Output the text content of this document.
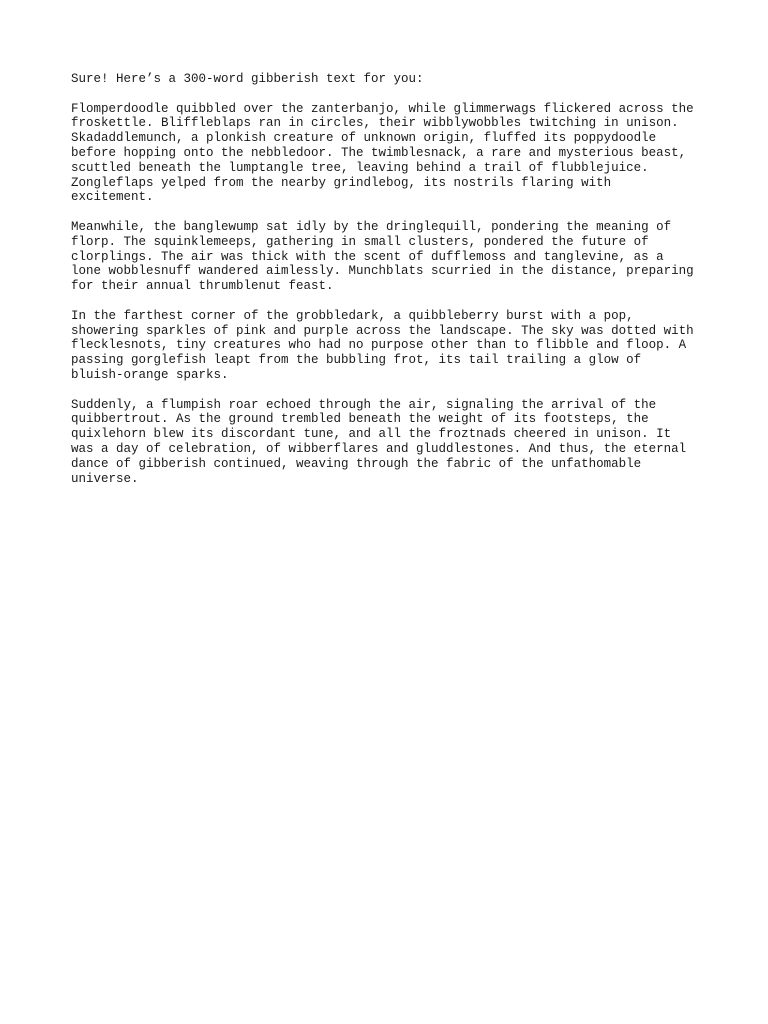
Sure! Here’s a 300-word gibberish text for you:

Flomperdoodle quibbled over the zanterbanjo, while glimmerwags flickered across the
froskettle. Bliffleblaps ran in circles, their wibblywobbles twitching in unison.
Skadaddlemunch, a plonkish creature of unknown origin, fluffed its poppydoodle
before hopping onto the nebbledoor. The twimblesnack, a rare and mysterious beast,
scuttled beneath the lumptangle tree, leaving behind a trail of flubblejuice.
Zongleflaps yelped from the nearby grindlebog, its nostrils flaring with
excitement.

Meanwhile, the banglewump sat idly by the dringlequill, pondering the meaning of
florp. The squinklemeeps, gathering in small clusters, pondered the future of
clorplings. The air was thick with the scent of dufflemoss and tanglevine, as a
lone wobblesnuff wandered aimlessly. Munchblats scurried in the distance, preparing
for their annual thrumblenut feast.

In the farthest corner of the grobbledark, a quibbleberry burst with a pop,
showering sparkles of pink and purple across the landscape. The sky was dotted with
flecklesnots, tiny creatures who had no purpose other than to flibble and floop. A
passing gorglefish leapt from the bubbling frot, its tail trailing a glow of
bluish-orange sparks.

Suddenly, a flumpish roar echoed through the air, signaling the arrival of the
quibbertrout. As the ground trembled beneath the weight of its footsteps, the
quixlehorn blew its discordant tune, and all the froztnads cheered in unison. It
was a day of celebration, of wibberflares and gluddlestones. And thus, the eternal
dance of gibberish continued, weaving through the fabric of the unfathomable
universe.
